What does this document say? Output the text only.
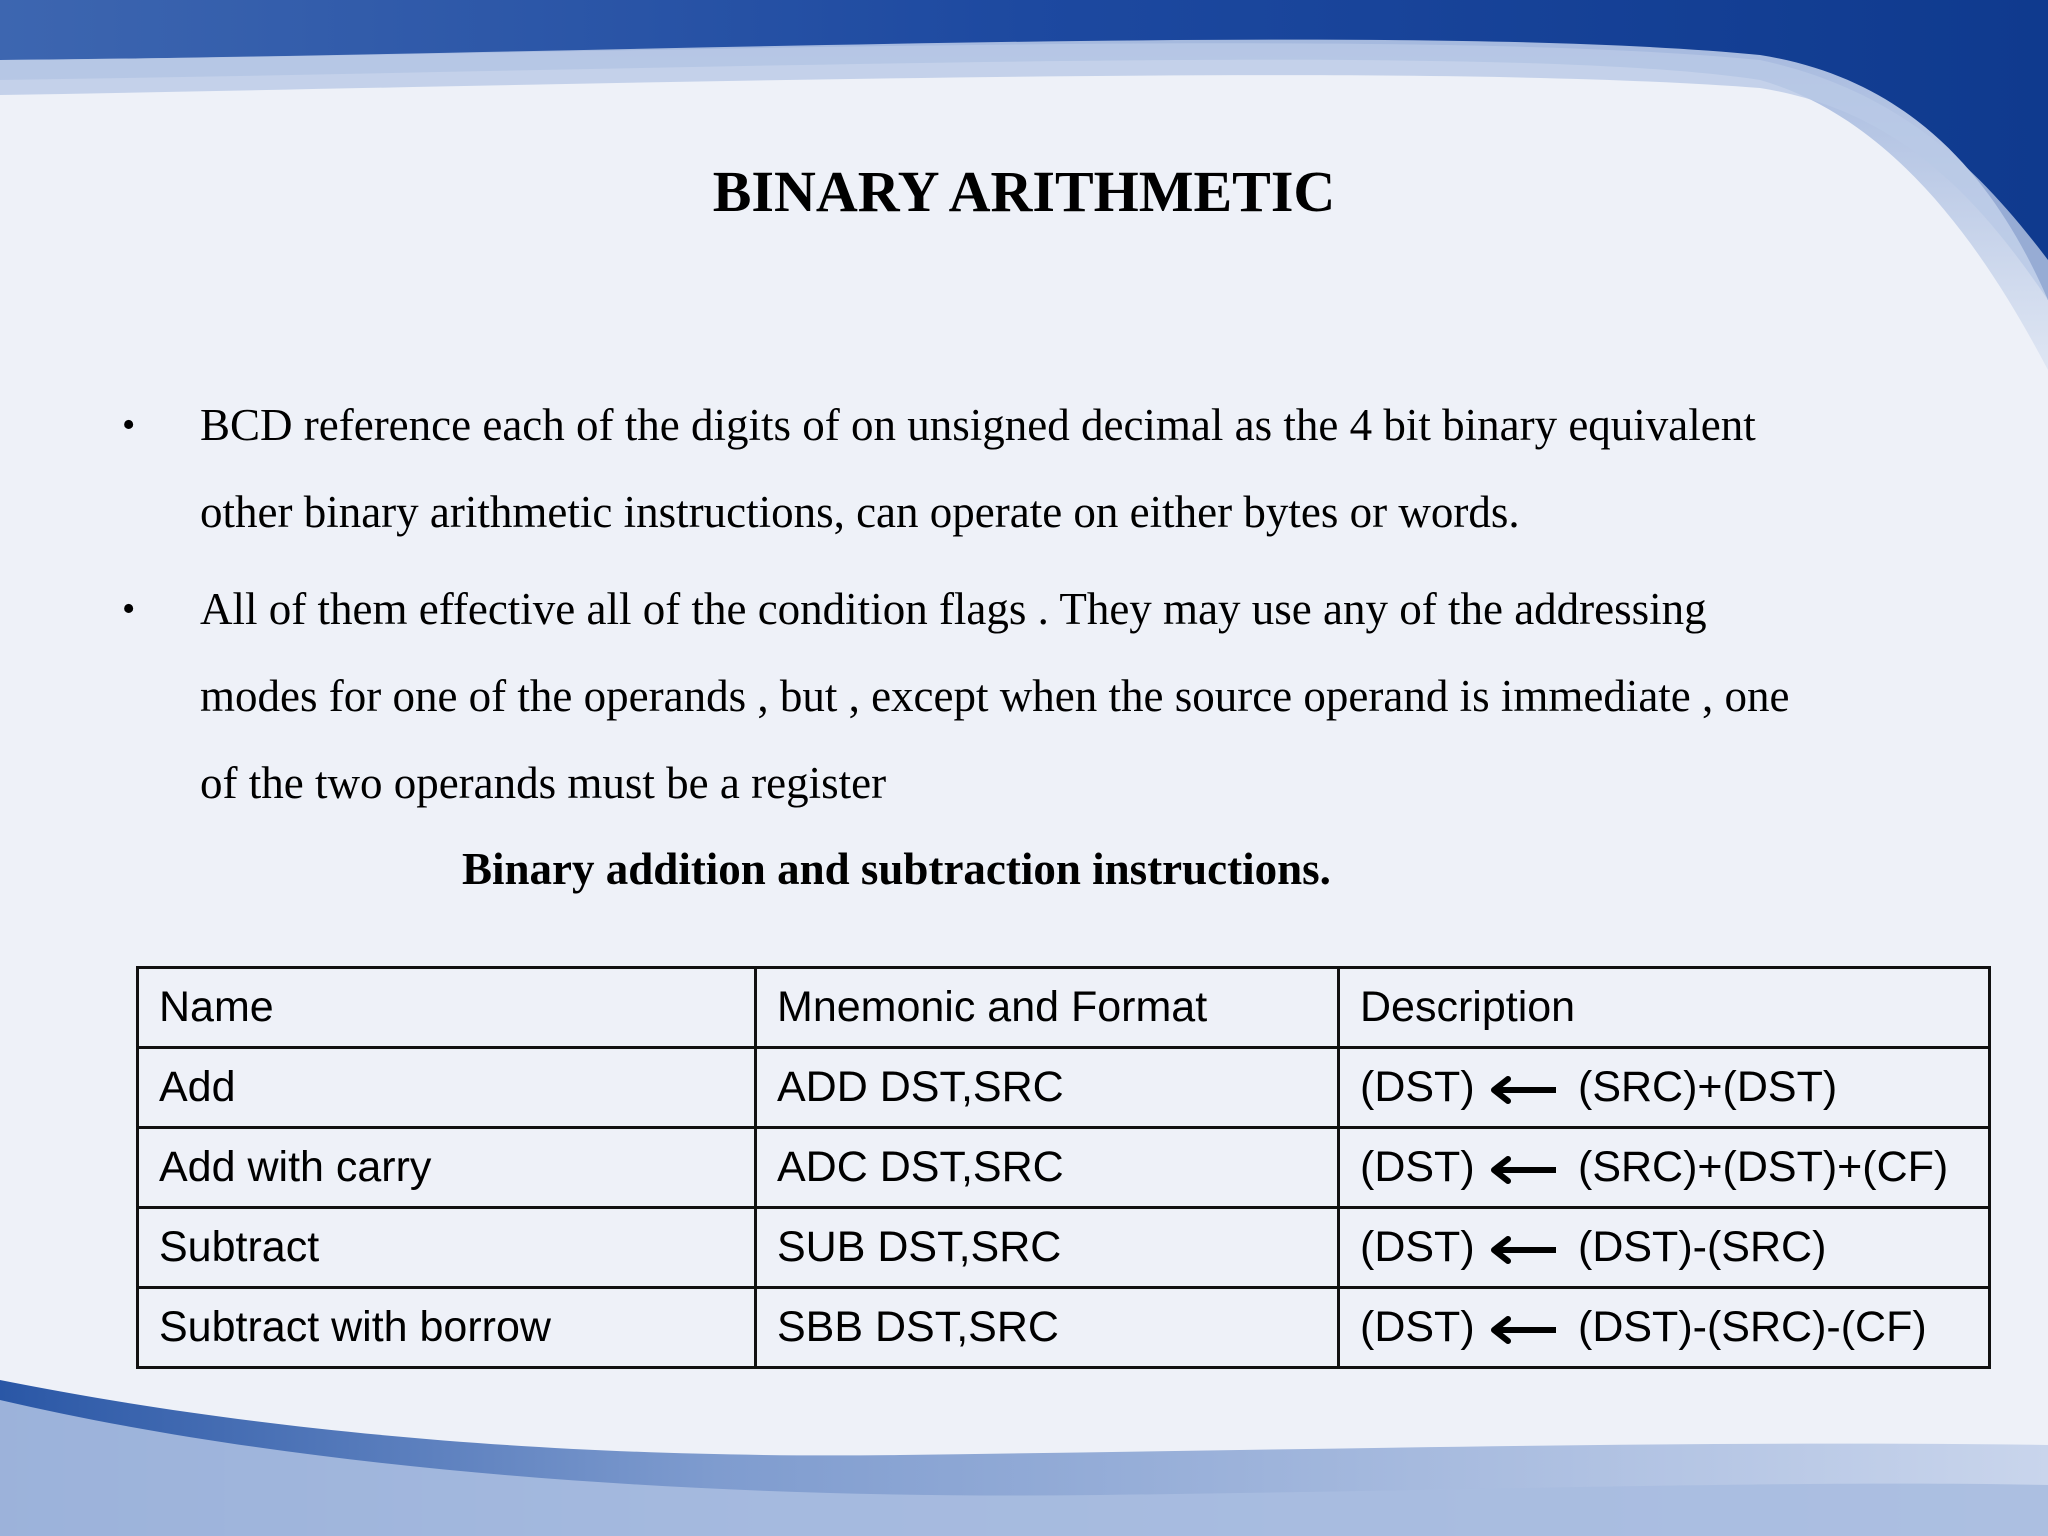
BINARY ARITHMETIC
• BCD reference each of the digits of on unsigned decimal as the 4 bit binary equivalent
other binary arithmetic instructions, can operate on either bytes or words.
• All of them effective all of the condition flags . They may use any of the addressing
modes for one of the operands , but , except when the source operand is immediate , one
of the two operands must be a register
Binary addition and subtraction instructions.
Name	Mnemonic and Format	Description
Add	ADD DST,SRC	(DST) (SRC)+(DST)
Add with carry	ADC DST,SRC	(DST) (SRC)+(DST)+(CF)
Subtract	SUB DST,SRC	(DST) (DST)-(SRC)
Subtract with borrow	SBB DST,SRC	(DST)(DST)-(SRC)-(CF)
